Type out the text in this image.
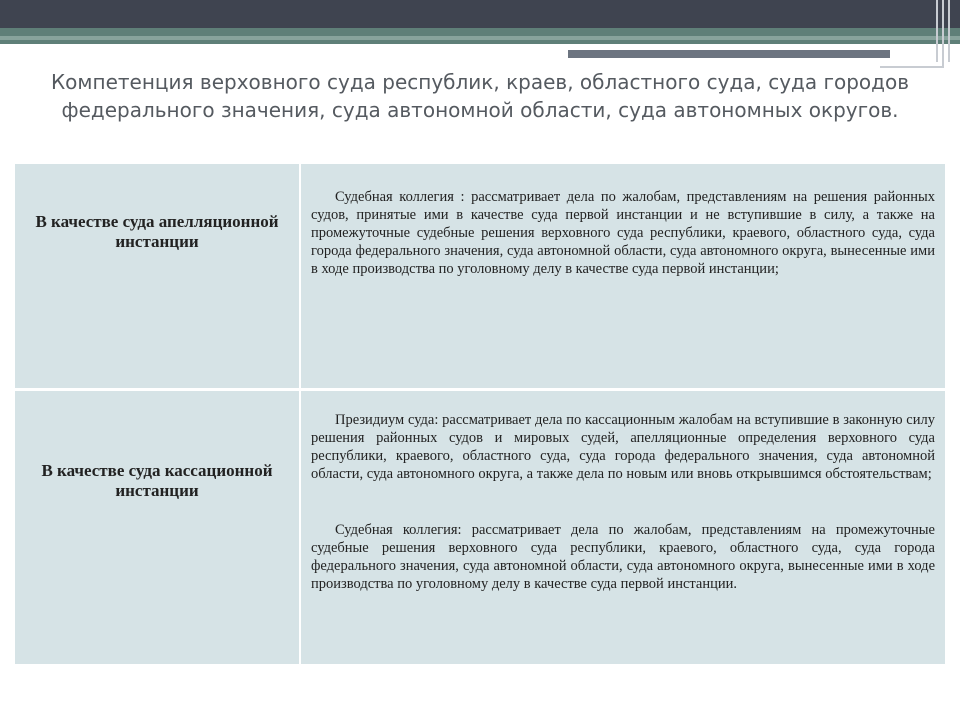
Компетенция верховного суда республик, краев, областного суда, суда городов федерального значения, суда автономной области, суда автономных округов.
В качестве суда апелляционной инстанции
Судебная коллегия : рассматривает дела по жалобам, представлениям на решения районных судов, принятые ими в качестве суда первой инстанции и не вступившие в силу, а также на промежуточные судебные решения верховного суда республики, краевого, областного суда, суда города федерального значения, суда автономной области, суда автономного округа, вынесенные ими в ходе производства по уголовному делу в качестве суда первой инстанции;
В качестве суда кассационной инстанции
Президиум суда: рассматривает дела по кассационным жалобам на вступившие в законную силу решения районных судов и мировых судей, апелляционные определения верховного суда республики, краевого, областного суда, суда города федерального значения, суда автономной области, суда автономного округа, а также дела по новым или вновь открывшимся обстоятельствам;
Судебная коллегия: рассматривает дела по жалобам, представлениям на промежуточные судебные решения верховного суда республики, краевого, областного суда, суда города федерального значения, суда автономной области, суда автономного округа, вынесенные ими в ходе производства по уголовному делу в качестве суда первой инстанции.
